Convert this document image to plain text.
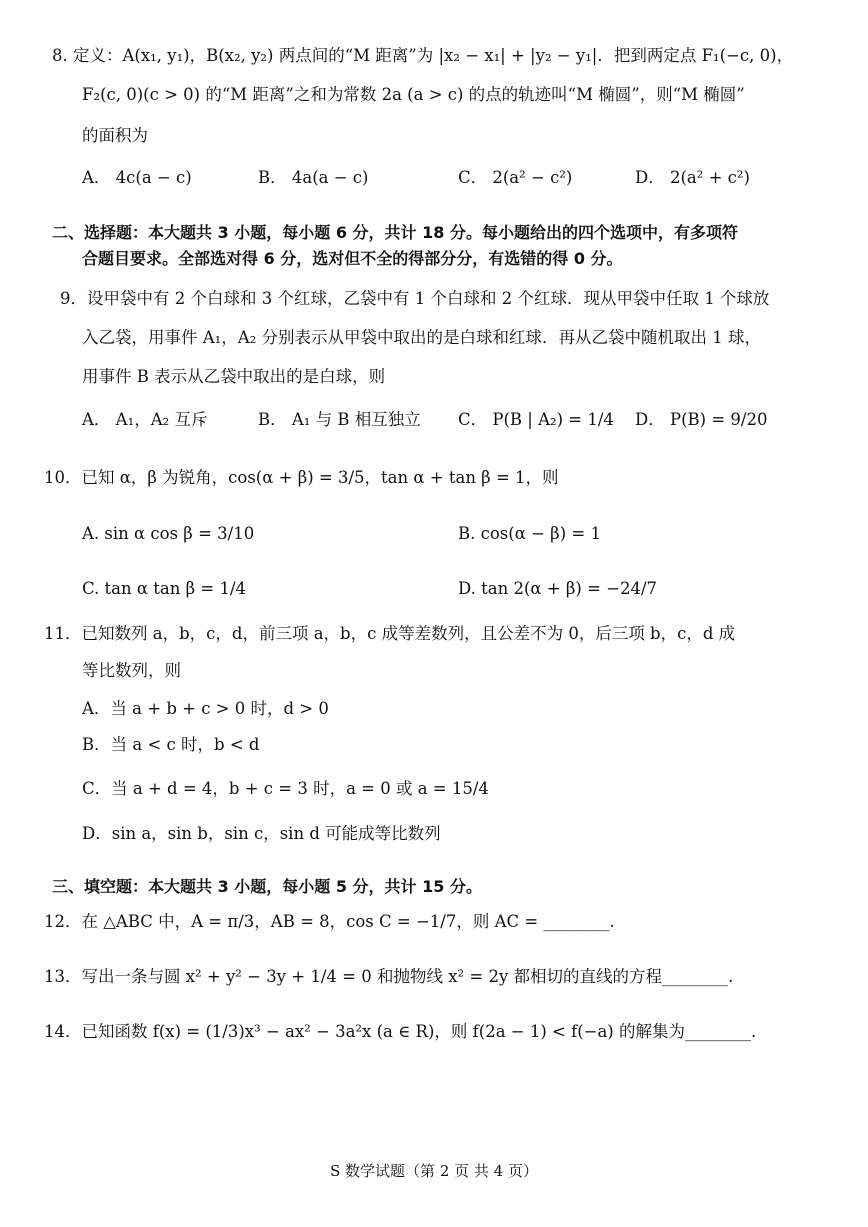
8. 定义：A(x₁, y₁)，B(x₂, y₂) 两点间的“M 距离”为 |x₂ − x₁| + |y₂ − y₁|．把到两定点 F₁(−c, 0)，
F₂(c, 0)(c > 0) 的“M 距离”之和为常数 2a (a > c) 的点的轨迹叫“M 椭圆”，则“M 椭圆”
的面积为
A． 4c(a − c)	B． 4a(a − c)	C． 2(a² − c²)	D． 2(a² + c²)
二、选择题：本大题共 3 小题，每小题 6 分，共计 18 分。每小题给出的四个选项中，有多项符
合题目要求。全部选对得 6 分，选对但不全的得部分分，有选错的得 0 分。
9．设甲袋中有 2 个白球和 3 个红球，乙袋中有 1 个白球和 2 个红球．现从甲袋中任取 1 个球放
入乙袋，用事件 A₁，A₂ 分别表示从甲袋中取出的是白球和红球．再从乙袋中随机取出 1 球，
用事件 B 表示从乙袋中取出的是白球，则
A． A₁，A₂ 互斥	B． A₁ 与 B 相互独立 C． P(B | A₂) = 1/4 D． P(B) = 9/20
10．已知 α，β 为锐角，cos(α + β) = 3/5，tan α + tan β = 1，则
A. sin α cos β = 3/10	B. cos(α − β) = 1
C. tan α tan β = 1/4	D. tan 2(α + β) = −24/7
11．已知数列 a，b，c，d，前三项 a，b，c 成等差数列，且公差不为 0，后三项 b，c，d 成
等比数列，则
A．当 a + b + c > 0 时，d > 0
B．当 a < c 时，b < d
C．当 a + d = 4，b + c = 3 时，a = 0 或 a = 15/4
D．sin a，sin b，sin c，sin d 可能成等比数列
三、填空题：本大题共 3 小题，每小题 5 分，共计 15 分。
12．在 △ABC 中，A = π/3，AB = 8，cos C = −1/7，则 AC = ________.
13．写出一条与圆 x² + y² − 3y + 1/4 = 0 和抛物线 x² = 2y 都相切的直线的方程________.
14．已知函数 f(x) = (1/3)x³ − ax² − 3a²x (a ∈ R)，则 f(2a − 1) < f(−a) 的解集为________.
S 数学试题（第 2 页 共 4 页）
